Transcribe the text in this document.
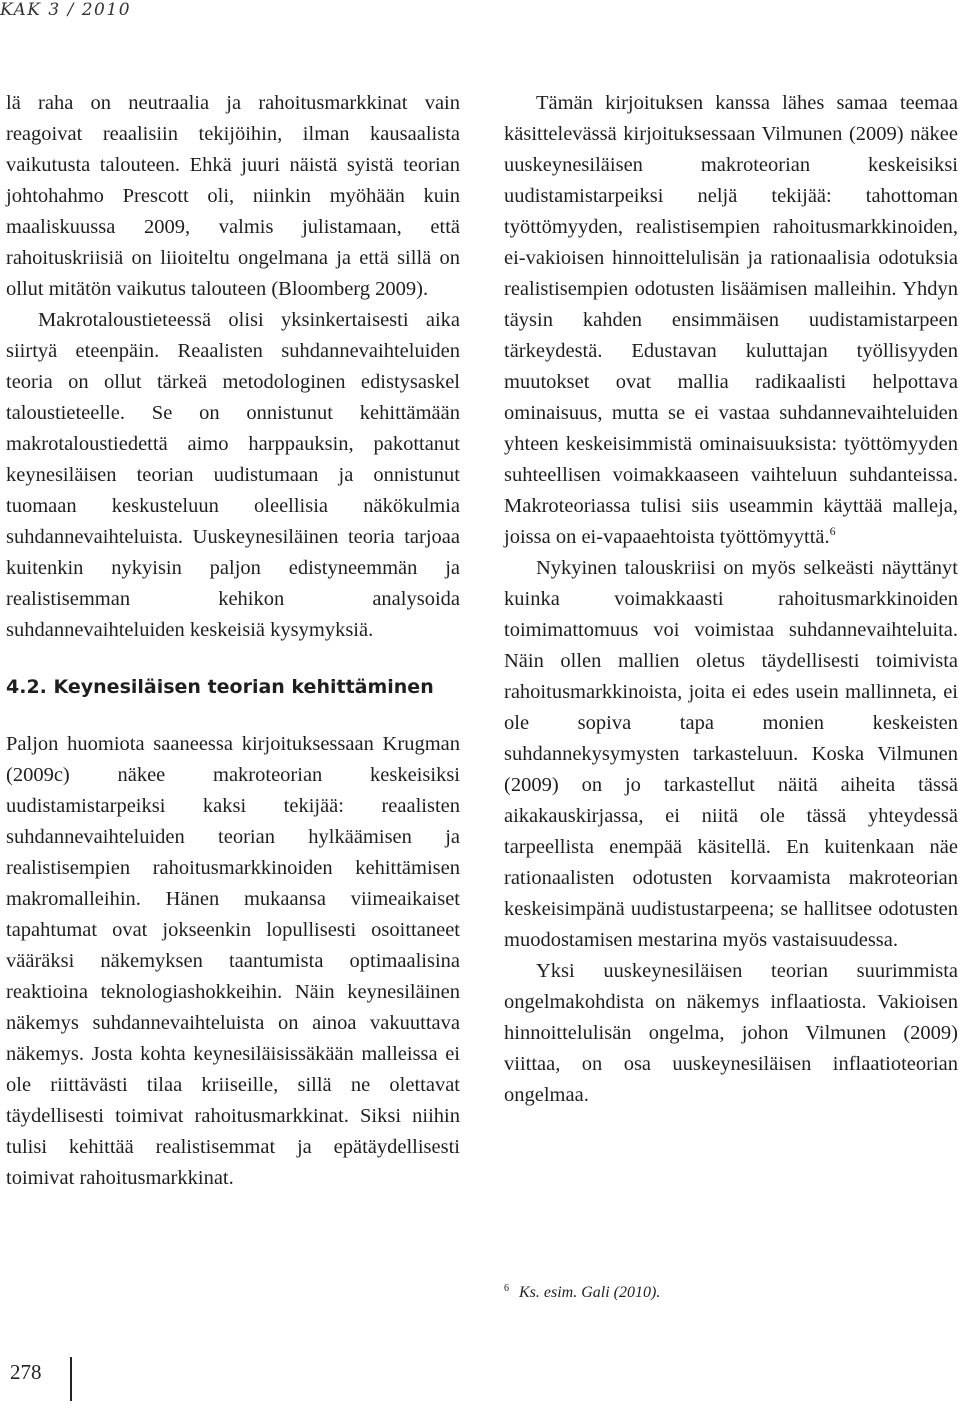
KAK 3 / 2010

lä raha on neutraalia ja rahoitusmarkkinat vain reagoivat reaalisiin tekijöihin, ilman kausaalista vaikutusta talouteen. Ehkä juuri näistä syistä teorian johtohahmo Prescott oli, niinkin myöhään kuin maaliskuussa 2009, valmis julistamaan, että rahoituskriisiä on liioiteltu ongelmana ja että sillä on ollut mitätön vaikutus talouteen (Bloomberg 2009).

Makrotaloustieteessä olisi yksinkertaisesti aika siirtyä eteenpäin. Reaalisten suhdannevaihteluiden teoria on ollut tärkeä metodologinen edistysaskel taloustieteelle. Se on onnistunut kehittämään makrotaloustiedettä aimo harppauksin, pakottanut keynesiläisen teorian uudistumaan ja onnistunut tuomaan keskusteluun oleellisia näkökulmia suhdannevaihteluista. Uuskeynesiläinen teoria tarjoaa kuitenkin nykyisin paljon edistyneemmän ja realistisemman kehikon analysoida suhdannevaihteluiden keskeisiä kysymyksiä.

4.2. Keynesiläisen teorian kehittäminen

Paljon huomiota saaneessa kirjoituksessaan Krugman (2009c) näkee makroteorian keskeisiksi uudistamistarpeiksi kaksi tekijää: reaalisten suhdannevaihteluiden teorian hylkäämisen ja realistisempien rahoitusmarkkinoiden kehittämisen makromalleihin. Hänen mukaansa viimeaikaiset tapahtumat ovat jokseenkin lopullisesti osoittaneet vääräksi näkemyksen taantumista optimaalisina reaktioina teknologiashokkeihin. Näin keynesiläinen näkemys suhdannevaihteluista on ainoa vakuuttava näkemys. Josta kohta keynesiläisissäkään malleissa ei ole riittävästi tilaa kriiseille, sillä ne olettavat täydellisesti toimivat rahoitusmarkkinat. Siksi niihin tulisi kehittää realistisemmat ja epätäydellisesti toimivat rahoitusmarkkinat.

Tämän kirjoituksen kanssa lähes samaa teemaa käsittelevässä kirjoituksessaan Vilmunen (2009) näkee uuskeynesiläisen makroteorian keskeisiksi uudistamistarpeiksi neljä tekijää: tahottoman työttömyyden, realistisempien rahoitusmarkkinoiden, ei-vakioisen hinnoittelulisän ja rationaalisia odotuksia realistisempien odotusten lisäämisen malleihin. Yhdyn täysin kahden ensimmäisen uudistamistarpeen tärkeydestä. Edustavan kuluttajan työllisyyden muutokset ovat mallia radikaalisti helpottava ominaisuus, mutta se ei vastaa suhdannevaihteluiden yhteen keskeisimmistä ominaisuuksista: työttömyyden suhteellisen voimakkaaseen vaihteluun suhdanteissa. Makroteoriassa tulisi siis useammin käyttää malleja, joissa on ei-vapaaehtoista työttömyyttä.$^6$

Nykyinen talouskriisi on myös selkeästi näyttänyt kuinka voimakkaasti rahoitusmarkkinoiden toimimattomuus voi voimistaa suhdannevaihteluita. Näin ollen mallien oletus täydellisesti toimivista rahoitusmarkkinoista, joita ei edes usein mallinneta, ei ole sopiva tapa monien keskeisten suhdannekysymysten tarkasteluun. Koska Vilmunen (2009) on jo tarkastellut näitä aiheita tässä aikakauskirjassa, ei niitä ole tässä yhteydessä tarpeellista enempää käsitellä. En kuitenkaan näe rationaalisten odotusten korvaamista makroteorian keskeisimpänä uudistustarpeena; se hallitsee odotusten muodostamisen mestarina myös vastaisuudessa.

Yksi uuskeynesiläisen teorian suurimmista ongelmakohdista on näkemys inflaatiosta. Vakioisen hinnoittelulisän ongelma, johon Vilmunen (2009) viittaa, on osa uuskeynesiläisen inflaatioteorian ongelmaa.

$^6$ Ks. esim. Gali (2010).
278
